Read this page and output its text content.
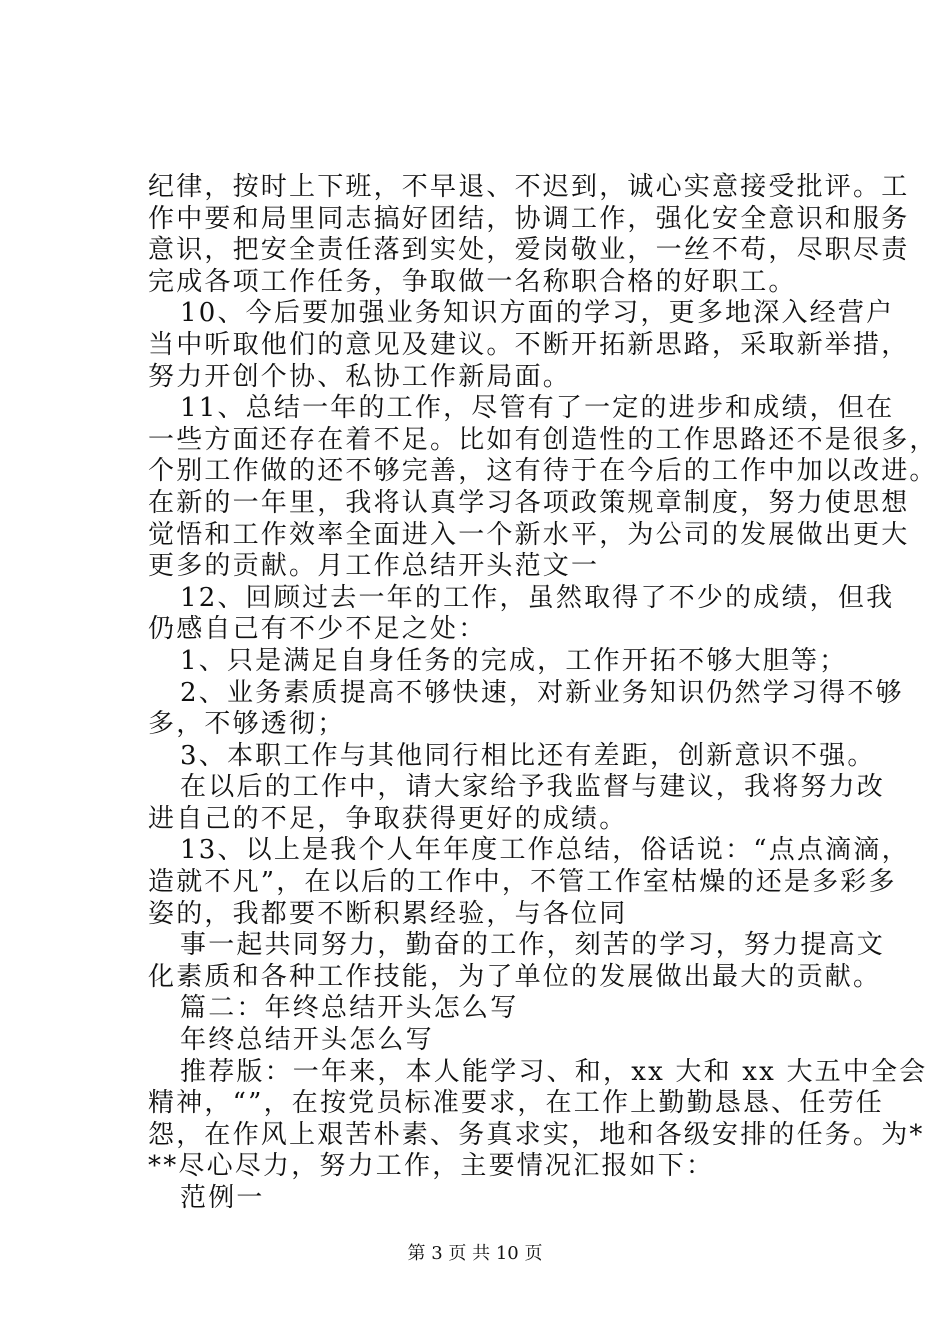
纪律，按时上下班，不早退、不迟到，诚心实意接受批评。工
作中要和局里同志搞好团结，协调工作，强化安全意识和服务
意识，把安全责任落到实处，爱岗敬业，一丝不苟，尽职尽责
完成各项工作任务，争取做一名称职合格的好职工。
10、今后要加强业务知识方面的学习，更多地深入经营户
当中听取他们的意见及建议。不断开拓新思路，采取新举措，
努力开创个协、私协工作新局面。
11、总结一年的工作，尽管有了一定的进步和成绩，但在
一些方面还存在着不足。比如有创造性的工作思路还不是很多，
个别工作做的还不够完善，这有待于在今后的工作中加以改进。
在新的一年里，我将认真学习各项政策规章制度，努力使思想
觉悟和工作效率全面进入一个新水平，为公司的发展做出更大
更多的贡献。月工作总结开头范文一
12、回顾过去一年的工作，虽然取得了不少的成绩，但我
仍感自己有不少不足之处：
1、只是满足自身任务的完成，工作开拓不够大胆等；
2、业务素质提高不够快速，对新业务知识仍然学习得不够
多，不够透彻；
3、本职工作与其他同行相比还有差距，创新意识不强。
在以后的工作中，请大家给予我监督与建议，我将努力改
进自己的不足，争取获得更好的成绩。
13、以上是我个人年年度工作总结，俗话说：“点点滴滴，
造就不凡”，在以后的工作中，不管工作室枯燥的还是多彩多
姿的，我都要不断积累经验，与各位同
事一起共同努力，勤奋的工作，刻苦的学习，努力提高文
化素质和各种工作技能，为了单位的发展做出最大的贡献。
篇二：年终总结开头怎么写
年终总结开头怎么写
推荐版：一年来，本人能学习、和，xx 大和 xx 大五中全会
精神，“”，在按党员标准要求，在工作上勤勤恳恳、任劳任
怨，在作风上艰苦朴素、务真求实，地和各级安排的任务。为*
**尽心尽力，努力工作，主要情况汇报如下：
范例一
第 3 页 共 10 页
